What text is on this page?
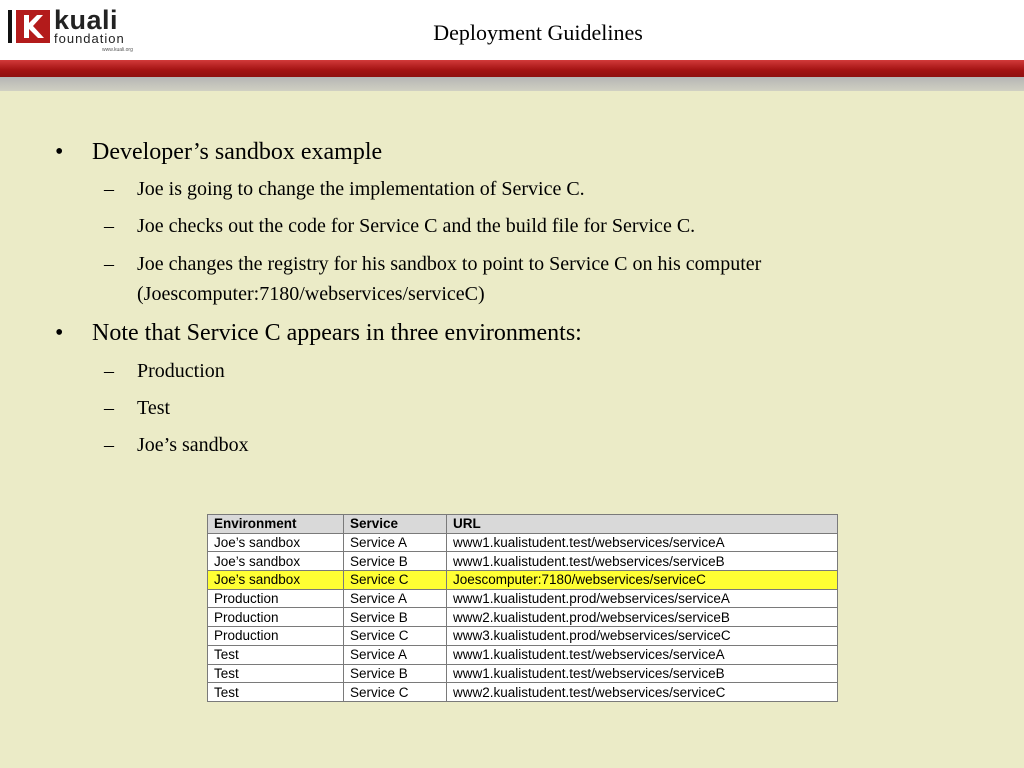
kuali
foundation
www.kuali.org
Deployment Guidelines
• Developer’s sandbox example
– Joe is going to change the implementation of Service C.
– Joe checks out the code for Service C and the build file for Service C.
– Joe changes the registry for his sandbox to point to Service C on his computer
(Joescomputer:7180/webservices/serviceC)
• Note that Service C appears in three environments:
– Production
– Test
– Joe’s sandbox
Environment	Service	URL
Joe’s sandbox	Service A	www1.kualistudent.test/webservices/serviceA
Joe’s sandbox	Service B	www1.kualistudent.test/webservices/serviceB
Joe’s sandbox	Service C	Joescomputer:7180/webservices/serviceC
Production	Service A	www1.kualistudent.prod/webservices/serviceA
Production	Service B	www2.kualistudent.prod/webservices/serviceB
Production	Service C	www3.kualistudent.prod/webservices/serviceC
Test	Service A	www1.kualistudent.test/webservices/serviceA
Test	Service B	www1.kualistudent.test/webservices/serviceB
Test	Service C	www2.kualistudent.test/webservices/serviceC
